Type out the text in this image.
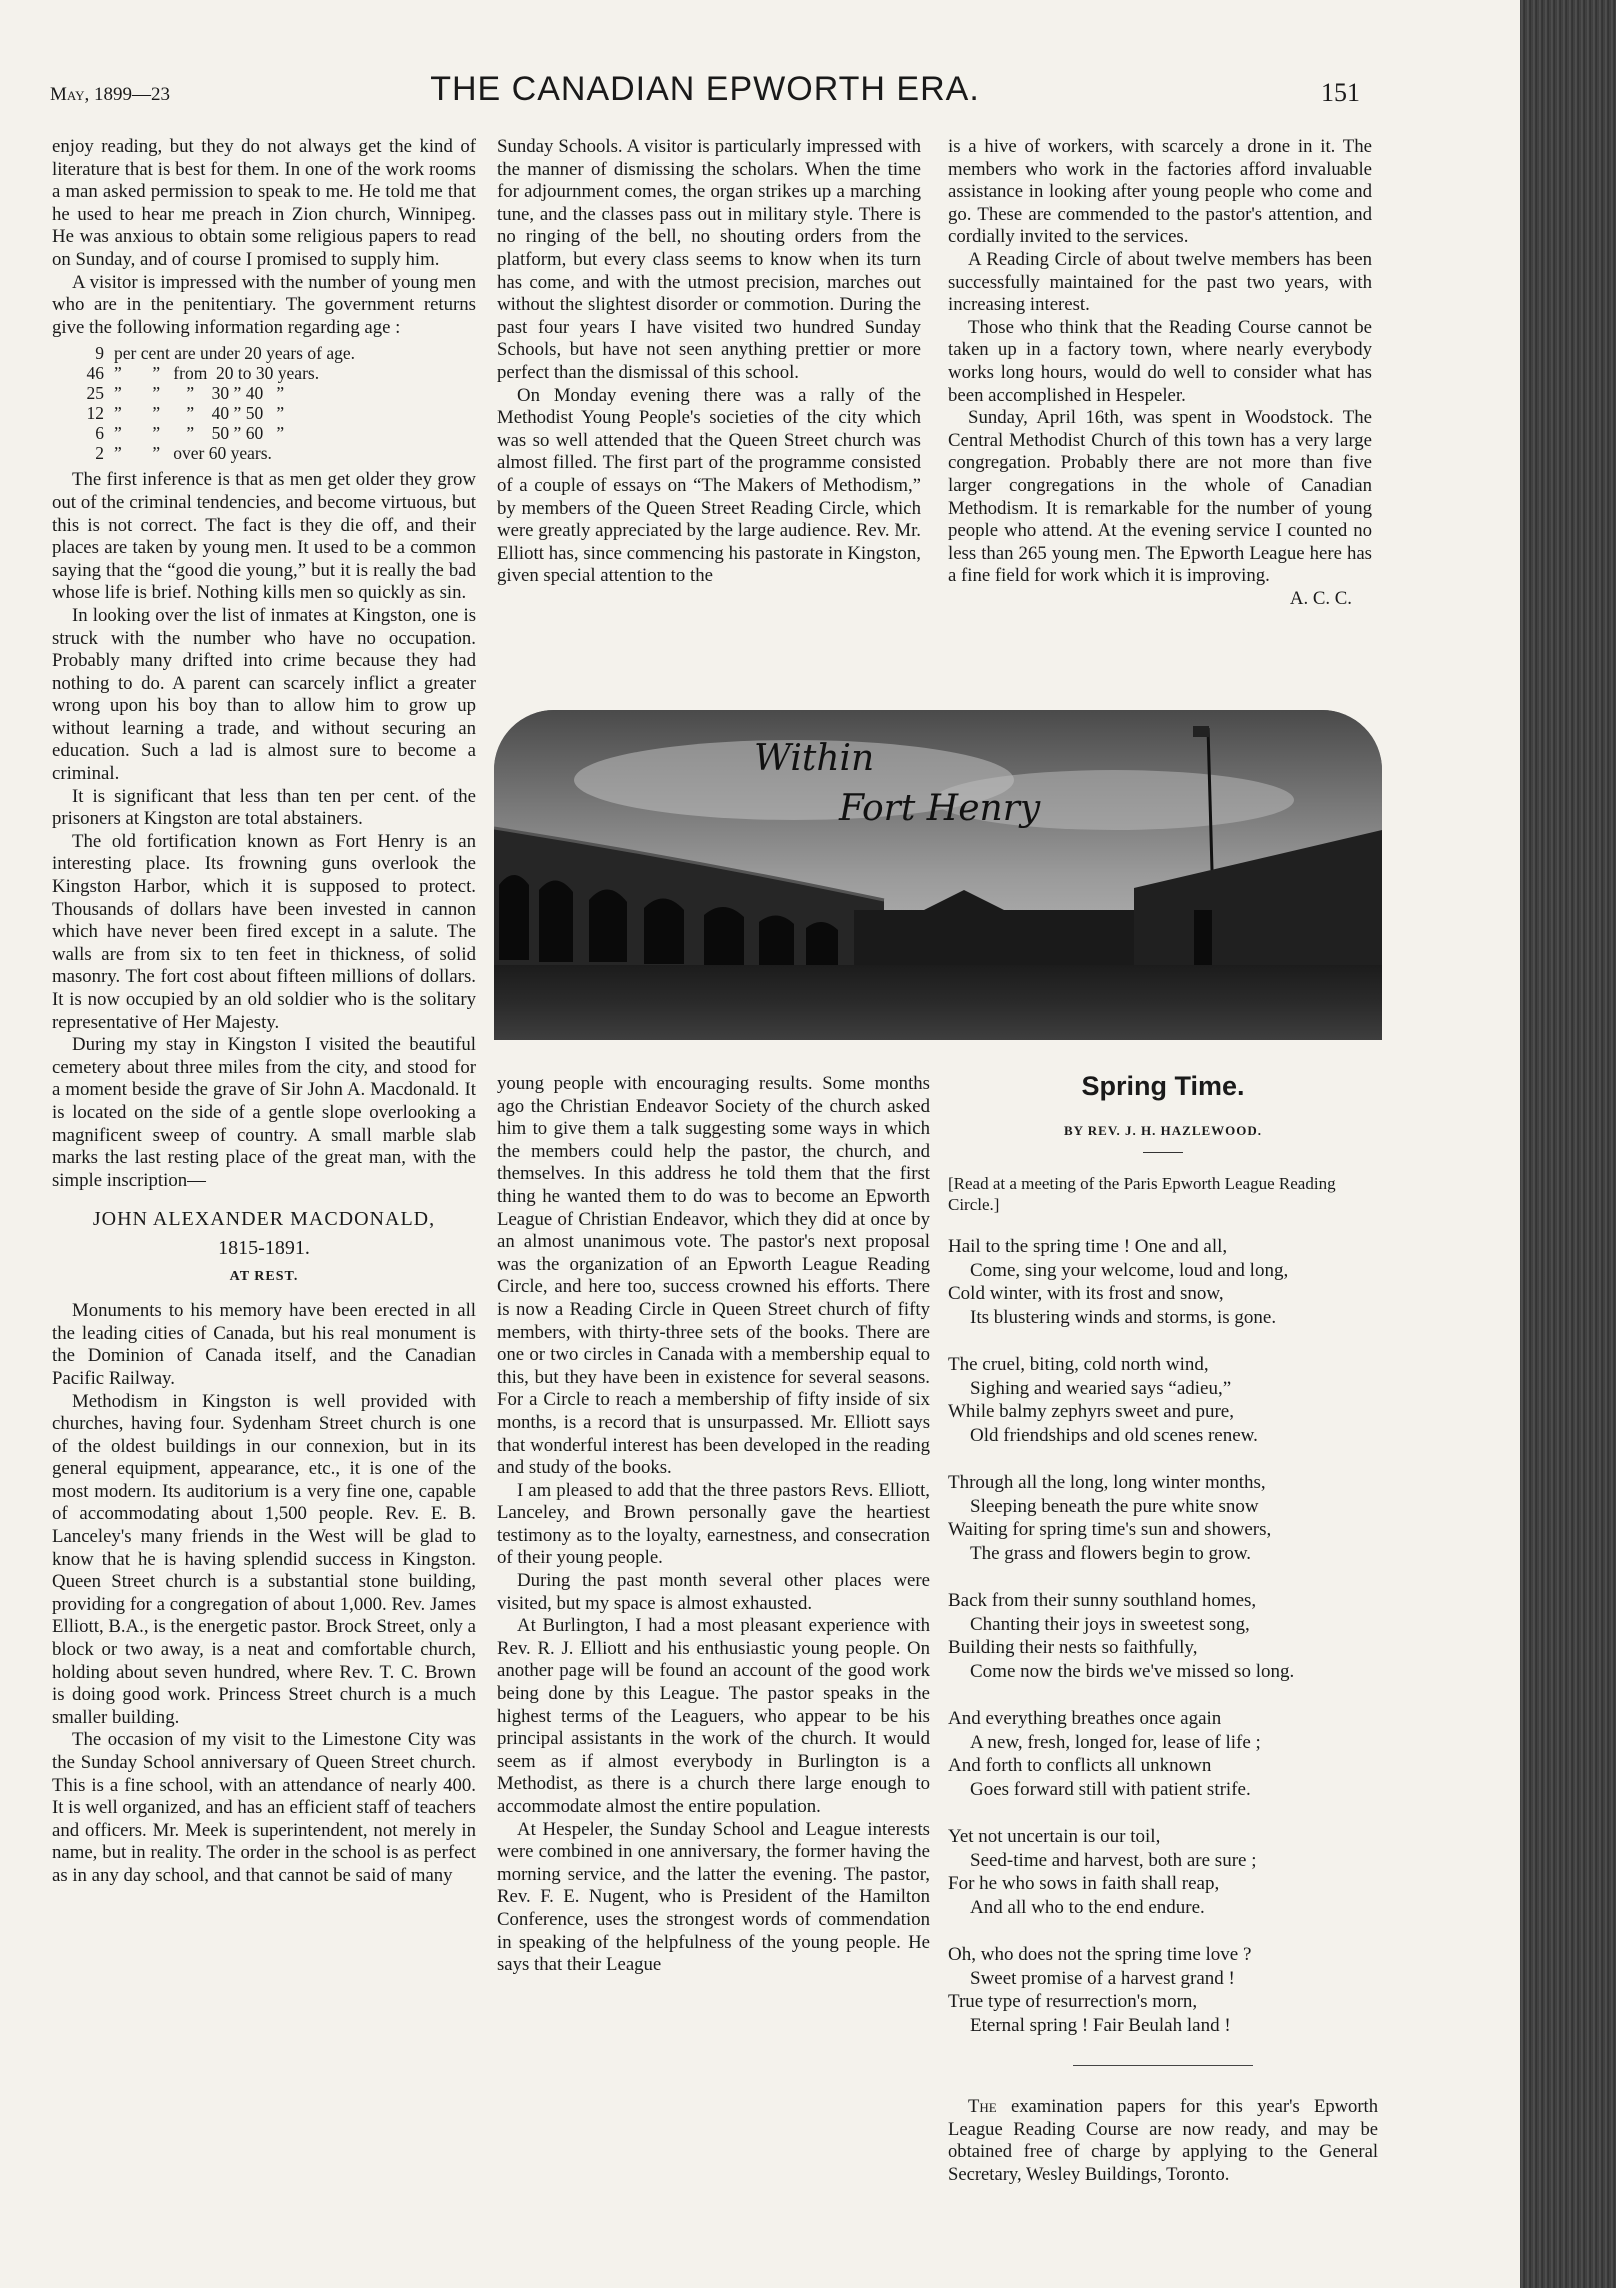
May, 1899—23	THE CANADIAN EPWORTH ERA.	151

enjoy reading, but they do not always get the kind of literature that is best for them. In one of the work rooms a man asked permission to speak to me. He told me that he used to hear me preach in Zion church, Winnipeg. He was anxious to obtain some religious papers to read on Sunday, and of course I promised to supply him.

A visitor is impressed with the number of young men who are in the penitentiary. The government returns give the following information regarding age :

9	per cent are under 20 years of age.
46	”       ”   from  20 to 30 years.
25	”       ”      ”    30 ” 40   ”
12	”       ”      ”    40 ” 50   ”
6	”       ”      ”    50 ” 60   ”
2	”       ”   over 60 years.

The first inference is that as men get older they grow out of the criminal tendencies, and become virtuous, but this is not correct. The fact is they die off, and their places are taken by young men. It used to be a common saying that the “good die young,” but it is really the bad whose life is brief. Nothing kills men so quickly as sin.

In looking over the list of inmates at Kingston, one is struck with the number who have no occupation. Probably many drifted into crime because they had nothing to do. A parent can scarcely inflict a greater wrong upon his boy than to allow him to grow up without learning a trade, and without securing an education. Such a lad is almost sure to become a criminal.

It is significant that less than ten per cent. of the prisoners at Kingston are total abstainers.

The old fortification known as Fort Henry is an interesting place. Its frowning guns overlook the Kingston Harbor, which it is supposed to protect. Thousands of dollars have been invested in cannon which have never been fired except in a salute. The walls are from six to ten feet in thickness, of solid masonry. The fort cost about fifteen millions of dollars. It is now occupied by an old soldier who is the solitary representative of Her Majesty.

During my stay in Kingston I visited the beautiful cemetery about three miles from the city, and stood for a moment beside the grave of Sir John A. Macdonald. It is located on the side of a gentle slope overlooking a magnificent sweep of country. A small marble slab marks the last resting place of the great man, with the simple inscription—

JOHN ALEXANDER MACDONALD,
1815-1891.
AT REST.

Monuments to his memory have been erected in all the leading cities of Canada, but his real monument is the Dominion of Canada itself, and the Canadian Pacific Railway.

Methodism in Kingston is well provided with churches, having four. Sydenham Street church is one of the oldest buildings in our connexion, but in its general equipment, appearance, etc., it is one of the most modern. Its auditorium is a very fine one, capable of accommodating about 1,500 people. Rev. E. B. Lanceley's many friends in the West will be glad to know that he is having splendid success in Kingston. Queen Street church is a substantial stone building, providing for a congregation of about 1,000. Rev. James Elliott, B.A., is the energetic pastor. Brock Street, only a block or two away, is a neat and comfortable church, holding about seven hundred, where Rev. T. C. Brown is doing good work. Princess Street church is a much smaller building.

The occasion of my visit to the Limestone City was the Sunday School anniversary of Queen Street church. This is a fine school, with an attendance of nearly 400. It is well organized, and has an efficient staff of teachers and officers. Mr. Meek is superintendent, not merely in name, but in reality. The order in the school is as perfect as in any day school, and that cannot be said of many

Sunday Schools. A visitor is particularly impressed with the manner of dismissing the scholars. When the time for adjournment comes, the organ strikes up a marching tune, and the classes pass out in military style. There is no ringing of the bell, no shouting orders from the platform, but every class seems to know when its turn has come, and with the utmost precision, marches out without the slightest disorder or commotion. During the past four years I have visited two hundred Sunday Schools, but have not seen anything prettier or more perfect than the dismissal of this school.

On Monday evening there was a rally of the Methodist Young People's societies of the city which was so well attended that the Queen Street church was almost filled. The first part of the programme consisted of a couple of essays on “The Makers of Methodism,” by members of the Queen Street Reading Circle, which were greatly appreciated by the large audience. Rev. Mr. Elliott has, since commencing his pastorate in Kingston, given special attention to the

is a hive of workers, with scarcely a drone in it. The members who work in the factories afford invaluable assistance in looking after young people who come and go. These are commended to the pastor's attention, and cordially invited to the services.

A Reading Circle of about twelve members has been successfully maintained for the past two years, with increasing interest.

Those who think that the Reading Course cannot be taken up in a factory town, where nearly everybody works long hours, would do well to consider what has been accomplished in Hespeler.

Sunday, April 16th, was spent in Woodstock. The Central Methodist Church of this town has a very large congregation. Probably there are not more than five larger congregations in the whole of Canadian Methodism. It is remarkable for the number of young people who attend. At the evening service I counted no less than 265 young men. The Epworth League here has a fine field for work which it is improving.

A. C. C.

Within
Fort Henry

young people with encouraging results. Some months ago the Christian Endeavor Society of the church asked him to give them a talk suggesting some ways in which the members could help the pastor, the church, and themselves. In this address he told them that the first thing he wanted them to do was to become an Epworth League of Christian Endeavor, which they did at once by an almost unanimous vote. The pastor's next proposal was the organization of an Epworth League Reading Circle, and here too, success crowned his efforts. There is now a Reading Circle in Queen Street church of fifty members, with thirty-three sets of the books. There are one or two circles in Canada with a membership equal to this, but they have been in existence for several seasons. For a Circle to reach a membership of fifty inside of six months, is a record that is unsurpassed. Mr. Elliott says that wonderful interest has been developed in the reading and study of the books.

I am pleased to add that the three pastors Revs. Elliott, Lanceley, and Brown personally gave the heartiest testimony as to the loyalty, earnestness, and consecration of their young people.

During the past month several other places were visited, but my space is almost exhausted.

At Burlington, I had a most pleasant experience with Rev. R. J. Elliott and his enthusiastic young people. On another page will be found an account of the good work being done by this League. The pastor speaks in the highest terms of the Leaguers, who appear to be his principal assistants in the work of the church. It would seem as if almost everybody in Burlington is a Methodist, as there is a church there large enough to accommodate almost the entire population.

At Hespeler, the Sunday School and League interests were combined in one anniversary, the former having the morning service, and the latter the evening. The pastor, Rev. F. E. Nugent, who is President of the Hamilton Conference, uses the strongest words of commendation in speaking of the helpfulness of the young people. He says that their League

Spring Time.
BY REV. J. H. HAZLEWOOD.
[Read at a meeting of the Paris Epworth League Reading Circle.]
Hail to the spring time ! One and all,
Come, sing your welcome, loud and long,
Cold winter, with its frost and snow,
Its blustering winds and storms, is gone.
The cruel, biting, cold north wind,
Sighing and wearied says “adieu,”
While balmy zephyrs sweet and pure,
Old friendships and old scenes renew.
Through all the long, long winter months,
Sleeping beneath the pure white snow
Waiting for spring time's sun and showers,
The grass and flowers begin to grow.
Back from their sunny southland homes,
Chanting their joys in sweetest song,
Building their nests so faithfully,
Come now the birds we've missed so long.
And everything breathes once again
A new, fresh, longed for, lease of life ;
And forth to conflicts all unknown
Goes forward still with patient strife.
Yet not uncertain is our toil,
Seed-time and harvest, both are sure ;
For he who sows in faith shall reap,
And all who to the end endure.
Oh, who does not the spring time love ?
Sweet promise of a harvest grand !
True type of resurrection's morn,
Eternal spring ! Fair Beulah land !
The examination papers for this year's Epworth League Reading Course are now ready, and may be obtained free of charge by applying to the General Secretary, Wesley Buildings, Toronto.
